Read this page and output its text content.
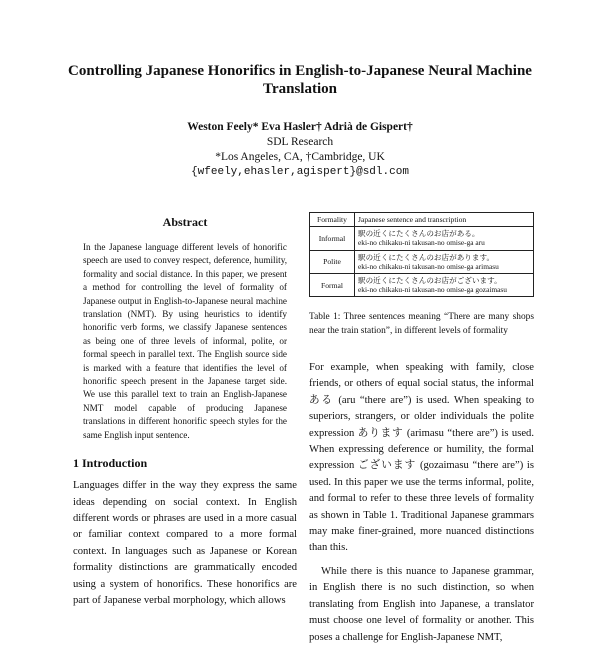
Controlling Japanese Honorifics in English-to-Japanese Neural Machine Translation
Weston Feely* Eva Hasler† Adrià de Gispert†
SDL Research
*Los Angeles, CA, †Cambridge, UK
{wfeely,ehasler,agispert}@sdl.com
Abstract

In the Japanese language different levels of honorific speech are used to convey respect, deference, humility, formality and social distance. In this paper, we present a method for controlling the level of formality of Japanese output in English-to-Japanese neural machine translation (NMT). By using heuristics to identify honorific verb forms, we classify Japanese sentences as being one of three levels of informal, polite, or formal speech in parallel text. The English source side is marked with a feature that identifies the level of honorific speech present in the Japanese target side. We use this parallel text to train an English-Japanese NMT model capable of producing Japanese translations in different honorific speech styles for the same English input sentence.

1 Introduction

Languages differ in the way they express the same ideas depending on social context. In English different words or phrases are used in a more casual or familiar context compared to a more formal context. In languages such as Japanese or Korean formality distinctions are grammatically encoded using a system of honorifics. These honorifics are part of Japanese verbal morphology, which allows

Formality	Japanese sentence and transcription
Informal	駅の近くにたくさんのお店がある。
eki-no chikaku-ni takusan-no omise-ga aru

Polite	駅の近くにたくさんのお店があります。
eki-no chikaku-ni takusan-no omise-ga arimasu

Formal	駅の近くにたくさんのお店がございます。
eki-no chikaku-ni takusan-no omise-ga gozaimasu

Table 1: Three sentences meaning “There are many shops near the train station”, in different levels of formality

For example, when speaking with family, close friends, or others of equal social status, the informal ある (aru “there are”) is used. When speaking to superiors, strangers, or older individuals the polite expression あります (arimasu “there are”) is used. When expressing deference or humility, the formal expression ございます (gozaimasu “there are”) is used. In this paper we use the terms informal, polite, and formal to refer to these three levels of formality as shown in Table 1. Traditional Japanese grammars may make finer-grained, more nuanced distinctions than this.

While there is this nuance to Japanese grammar, in English there is no such distinction, so when translating from English into Japanese, a translator must choose one level of formality or another. This poses a challenge for English-Japanese NMT,
